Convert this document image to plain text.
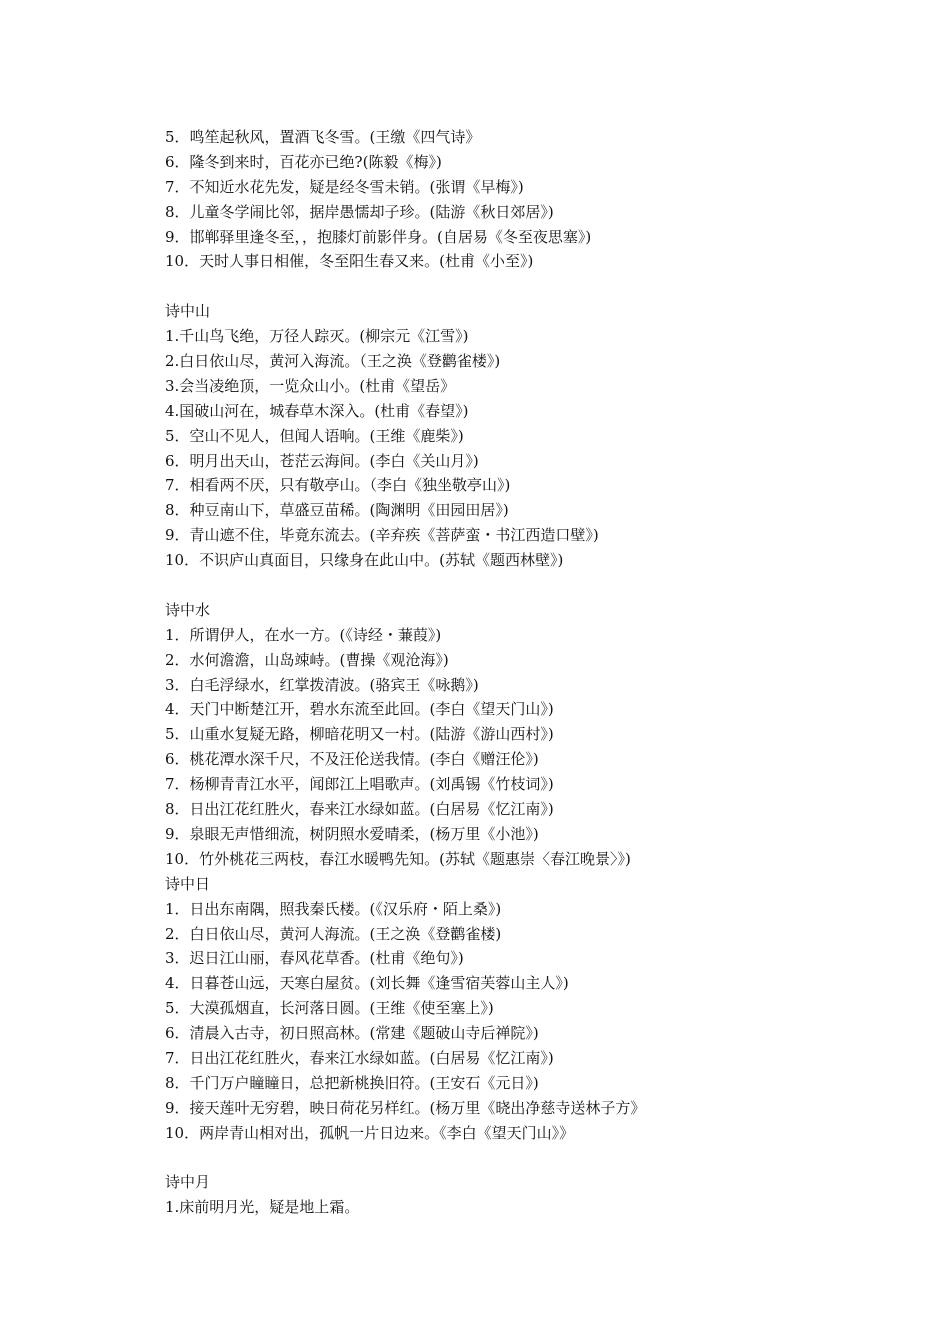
5．鸣笙起秋风，置酒飞冬雪。(王缴《四气诗》
6．隆冬到来时，百花亦已绝?(陈毅《梅》)
7．不知近水花先发，疑是经冬雪未销。(张谓《早梅》)
8．儿童冬学闹比邻，据岸愚懦却子珍。(陆游《秋日郊居》)
9．邯郸驿里逢冬至，，抱膝灯前影伴身。(自居易《冬至夜思塞》)
10．天时人事日相催，冬至阳生春又来。(杜甫《小至》)
诗中山
1.千山鸟飞绝，万径人踪灭。(柳宗元《江雪》)
2.白日依山尽，黄河入海流。（王之涣《登鹳雀楼》)
3.会当凌绝顶，一览众山小。(杜甫《望岳》
4.国破山河在，城春草木深入。(杜甫《春望》)
5．空山不见人，但闻人语响。(王维《鹿柴》)
6．明月出天山，苍茫云海间。(李白《关山月》)
7．相看两不厌，只有敬亭山。（李白《独坐敬亭山》)
8．种豆南山下，草盛豆苗稀。(陶渊明《田园田居》)
9．青山遮不住，毕竟东流去。(辛弃疾《菩萨蛮・书江西造口壁》)
10．不识庐山真面目，只缘身在此山中。(苏轼《题西林壁》)
诗中水
1．所谓伊人，在水一方。(《诗经・蒹葭》)
2．水何澹澹，山岛竦峙。(曹操《观沧海》)
3．白毛浮绿水，红掌拨清波。(骆宾王《咏鹅》)
4．天门中断楚江开，碧水东流至此回。(李白《望天门山》)
5．山重水复疑无路，柳暗花明又一村。(陆游《游山西村》)
6．桃花潭水深千尺，不及汪伦送我情。(李白《赠汪伦》)
7．杨柳青青江水平，闻郎江上唱歌声。(刘禹锡《竹枝词》)
8．日出江花红胜火，春来江水绿如蓝。(白居易《忆江南》)
9．泉眼无声惜细流，树阴照水爱晴柔，(杨万里《小池》)
10．竹外桃花三两枝，春江水暖鸭先知。(苏轼《题惠崇〈春江晚景〉》)
诗中日
1．日出东南隅，照我秦氏楼。(《汉乐府・陌上桑》)
2．白日依山尽，黄河人海流。(王之涣《登鹳雀楼)
3．迟日江山丽，春风花草香。(杜甫《绝句》)
4．日暮苍山远，天寒白屋贫。(刘长舞《逢雪宿芙蓉山主人》)
5．大漠孤烟直，长河落日圆。(王维《使至塞上》)
6．清晨入古寺，初日照高林。(常建《题破山寺后禅院》)
7．日出江花红胜火，春来江水绿如蓝。(白居易《忆江南》)
8．千门万户瞳瞳日，总把新桃换旧符。(王安石《元日》)
9．接天莲叶无穷碧，映日荷花另样红。(杨万里《晓出净慈寺送林子方》
10．两岸青山相对出，孤帆一片日边来。《李白《望天门山》》
诗中月
1.床前明月光，疑是地上霜。
